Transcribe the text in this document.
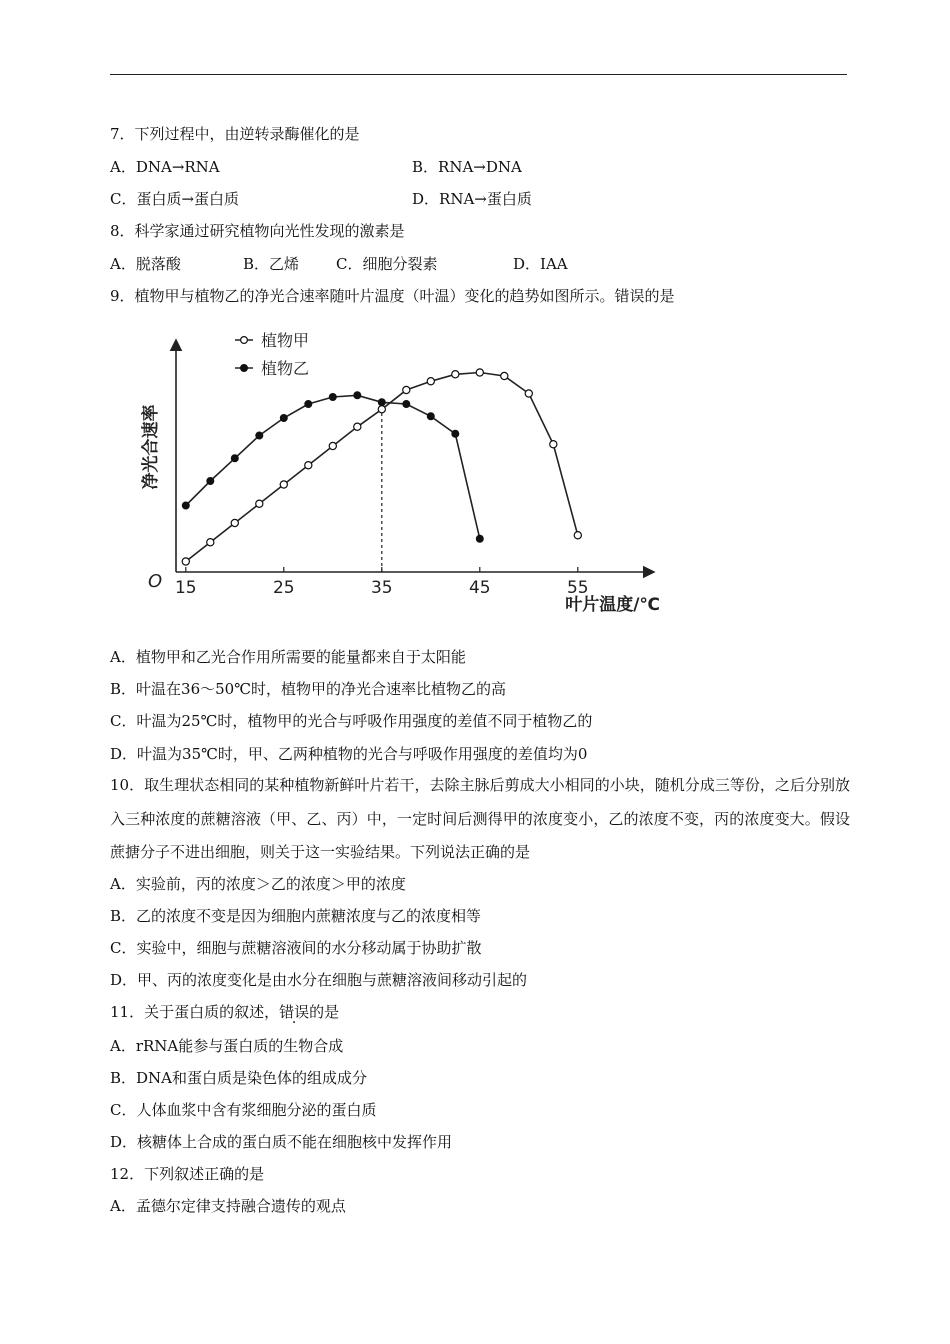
7．下列过程中，由逆转录酶催化的是
A．DNA→RNA	B．RNA→DNA
C．蛋白质→蛋白质	D．RNA→蛋白质
8．科学家通过研究植物向光性发现的激素是
A．脱落酸	B．乙烯 C．细胞分裂素	D．IAA
9．植物甲与植物乙的净光合速率随叶片温度（叶温）变化的趋势如图所示。错误的是
O
净光合速率
叶片温度/℃
15	25	35	45	55
植物甲
植物乙
A．植物甲和乙光合作用所需要的能量都来自于太阳能
B．叶温在36～50℃时，植物甲的净光合速率比植物乙的高
C．叶温为25℃时，植物甲的光合与呼吸作用强度的差值不同于植物乙的
D．叶温为35℃时，甲、乙两种植物的光合与呼吸作用强度的差值均为0
10．取生理状态相同的某种植物新鲜叶片若干，去除主脉后剪成大小相同的小块，随机分成三等份，之后分别放入三种浓度的蔗糖溶液（甲、乙、丙）中，一定时间后测得甲的浓度变小，乙的浓度不变，丙的浓度变大。假设蔗搪分子不进出细胞，则关于这一实验结果。下列说法正确的是
A．实验前，丙的浓度＞乙的浓度＞甲的浓度
B．乙的浓度不变是因为细胞内蔗糖浓度与乙的浓度相等
C．实验中，细胞与蔗糖溶液间的水分移动属于协助扩散
D．甲、丙的浓度变化是由水分在细胞与蔗糖溶液间移动引起的
11．关于蛋白质的叙述，错误的是
A．rRNA能参与蛋白质的生物合成
B．DNA和蛋白质是染色体的组成成分
C．人体血浆中含有浆细胞分泌的蛋白质
D．核糖体上合成的蛋白质不能在细胞核中发挥作用
12．下列叙述正确的是
A．孟德尔定律支持融合遗传的观点
